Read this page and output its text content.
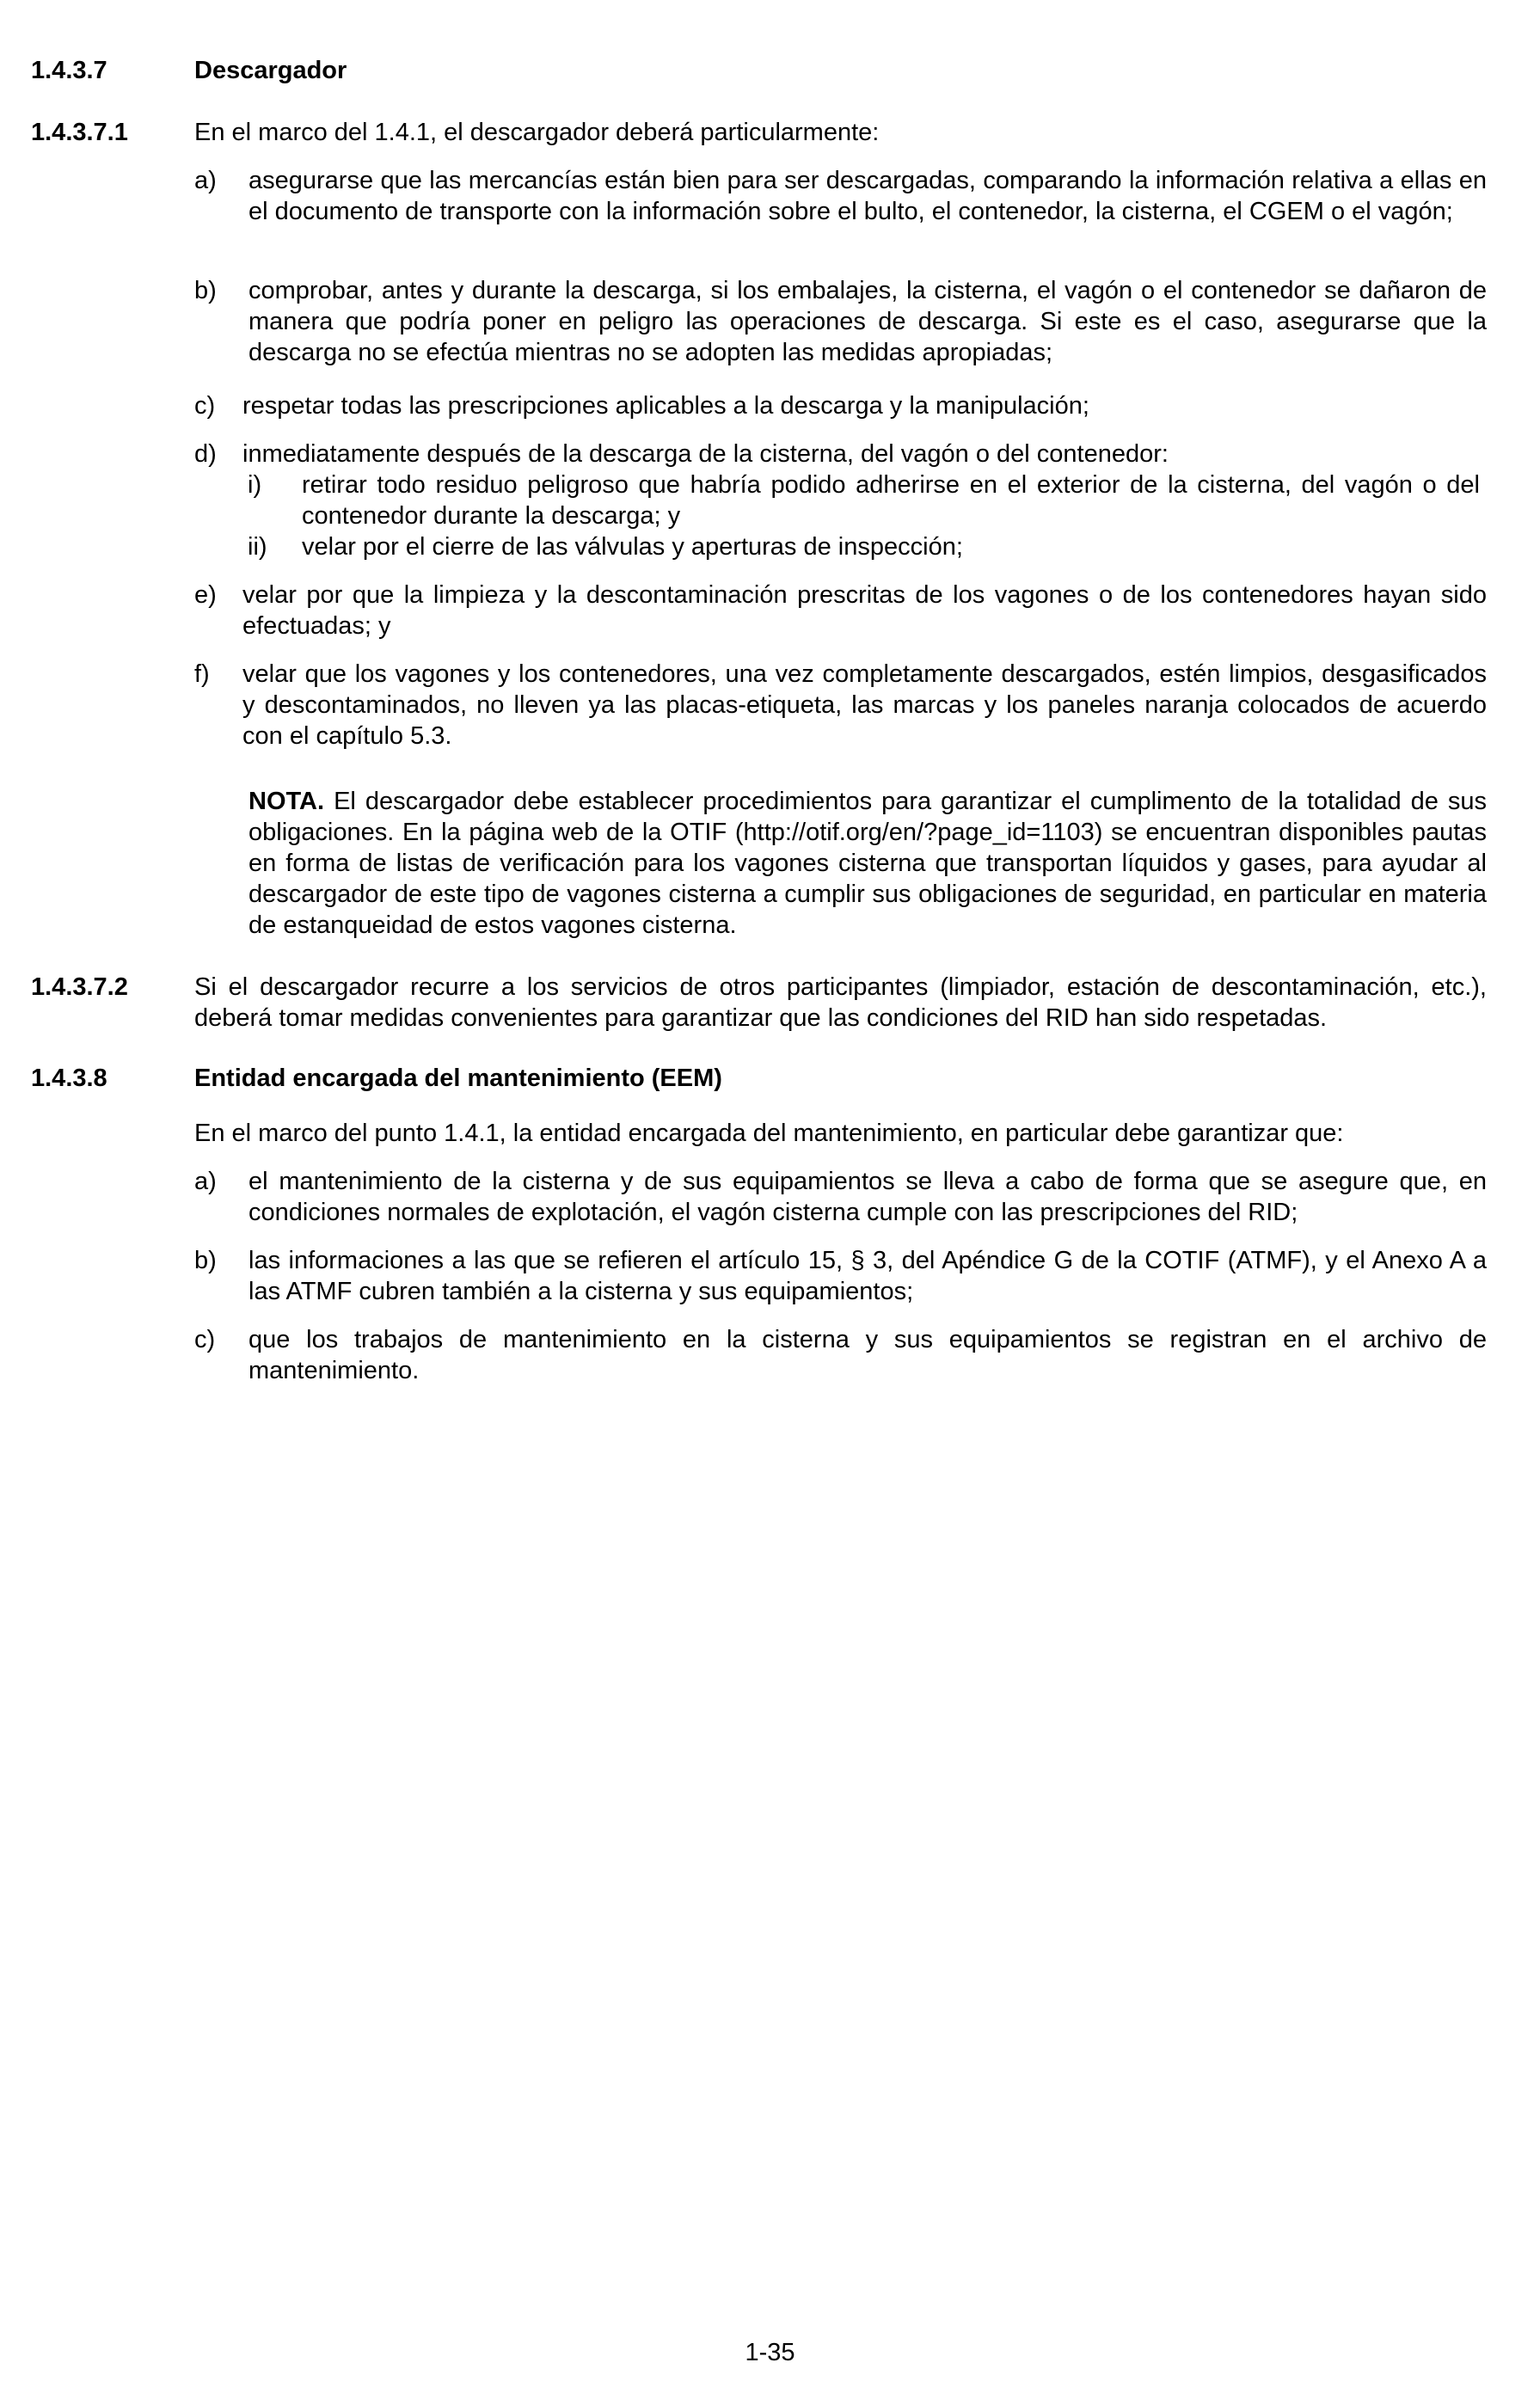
1.4.3.7	Descargador
1.4.3.7.1	En el marco del 1.4.1, el descargador deberá particularmente:
a) asegurarse que las mercancías están bien para ser descargadas, comparando la información relativa a ellas en el documento de transporte con la información sobre el bulto, el contenedor, la cisterna, el CGEM o el vagón;
b) comprobar, antes y durante la descarga, si los embalajes, la cisterna, el vagón o el contenedor se dañaron de manera que podría poner en peligro las operaciones de descarga. Si este es el caso, asegurarse que la descarga no se efectúa mientras no se adopten las medidas apropiadas;
c) respetar todas las prescripciones aplicables a la descarga y la manipulación;
d) inmediatamente después de la descarga de la cisterna, del vagón o del contenedor:
i) retirar todo residuo peligroso que habría podido adherirse en el exterior de la cisterna, del vagón o del contenedor durante la descarga; y
ii) velar por el cierre de las válvulas y aperturas de inspección;
e) velar por que la limpieza y la descontaminación prescritas de los vagones o de los contenedores hayan sido efectuadas; y
f) velar que los vagones y los contenedores, una vez completamente descargados, estén limpios, desgasificados y descontaminados, no lleven ya las placas-etiqueta, las marcas y los paneles naranja colocados de acuerdo con el capítulo 5.3.
NOTA. El descargador debe establecer procedimientos para garantizar el cumplimento de la totalidad de sus obligaciones. En la página web de la OTIF (http://otif.org/en/?page_id=1103) se encuentran disponibles pautas en forma de listas de verificación para los vagones cisterna que transportan líquidos y gases, para ayudar al descargador de este tipo de vagones cisterna a cumplir sus obligaciones de seguridad, en particular en materia de estanqueidad de estos vagones cisterna.
1.4.3.7.2	Si el descargador recurre a los servicios de otros participantes (limpiador, estación de descontaminación, etc.), deberá tomar medidas convenientes para garantizar que las condiciones del RID han sido respetadas.
1.4.3.8	Entidad encargada del mantenimiento (EEM)
En el marco del punto 1.4.1, la entidad encargada del mantenimiento, en particular debe garantizar que:
a) el mantenimiento de la cisterna y de sus equipamientos se lleva a cabo de forma que se asegure que, en condiciones normales de explotación, el vagón cisterna cumple con las prescripciones del RID;
b) las informaciones a las que se refieren el artículo 15, § 3, del Apéndice G de la COTIF (ATMF), y el Anexo A a las ATMF cubren también a la cisterna y sus equipamientos;
c) que los trabajos de mantenimiento en la cisterna y sus equipamientos se registran en el archivo de mantenimiento.
1-35
